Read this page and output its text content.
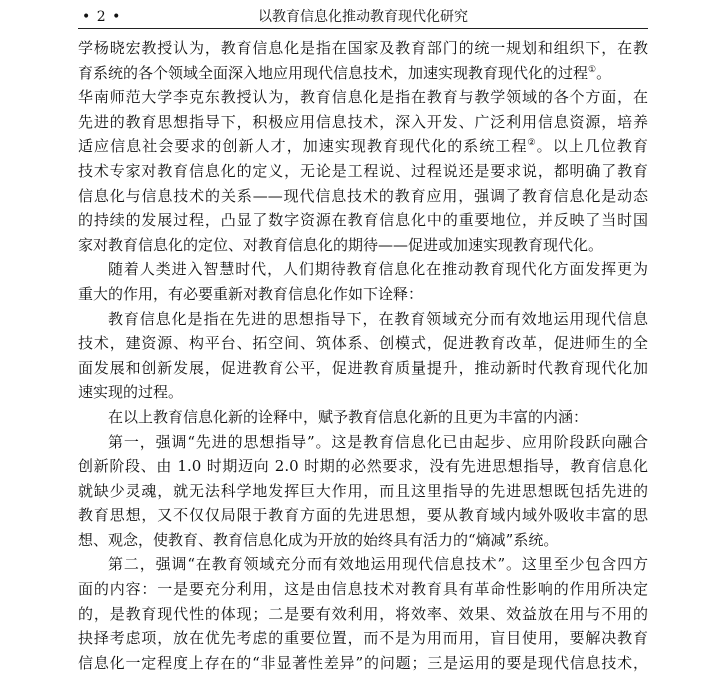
• 2 •	以教育信息化推动教育现代化研究
学杨晓宏教授认为，教育信息化是指在国家及教育部门的统一规划和组织下，在教
育系统的各个领域全面深入地应用现代信息技术，加速实现教育现代化的过程①。
华南师范大学李克东教授认为，教育信息化是指在教育与教学领域的各个方面，在
先进的教育思想指导下，积极应用信息技术，深入开发、广泛利用信息资源，培养
适应信息社会要求的创新人才，加速实现教育现代化的系统工程②。以上几位教育
技术专家对教育信息化的定义，无论是工程说、过程说还是要求说，都明确了教育
信息化与信息技术的关系——现代信息技术的教育应用，强调了教育信息化是动态
的持续的发展过程，凸显了数字资源在教育信息化中的重要地位，并反映了当时国
家对教育信息化的定位、对教育信息化的期待——促进或加速实现教育现代化。
随着人类进入智慧时代，人们期待教育信息化在推动教育现代化方面发挥更为
重大的作用，有必要重新对教育信息化作如下诠释：
教育信息化是指在先进的思想指导下，在教育领域充分而有效地运用现代信息
技术，建资源、构平台、拓空间、筑体系、创模式，促进教育改革，促进师生的全
面发展和创新发展，促进教育公平，促进教育质量提升，推动新时代教育现代化加
速实现的过程。
在以上教育信息化新的诠释中，赋予教育信息化新的且更为丰富的内涵：
第一，强调“先进的思想指导”。这是教育信息化已由起步、应用阶段跃向融合
创新阶段、由 1.0 时期迈向 2.0 时期的必然要求，没有先进思想指导，教育信息化
就缺少灵魂，就无法科学地发挥巨大作用，而且这里指导的先进思想既包括先进的
教育思想，又不仅仅局限于教育方面的先进思想，要从教育域内域外吸收丰富的思
想、观念，使教育、教育信息化成为开放的始终具有活力的“熵减”系统。
第二，强调“在教育领域充分而有效地运用现代信息技术”。这里至少包含四方
面的内容：一是要充分利用，这是由信息技术对教育具有革命性影响的作用所决定
的，是教育现代性的体现；二是要有效利用，将效率、效果、效益放在用与不用的
抉择考虑项，放在优先考虑的重要位置，而不是为用而用，盲目使用，要解决教育
信息化一定程度上存在的“非显著性差异”的问题；三是运用的要是现代信息技术，
